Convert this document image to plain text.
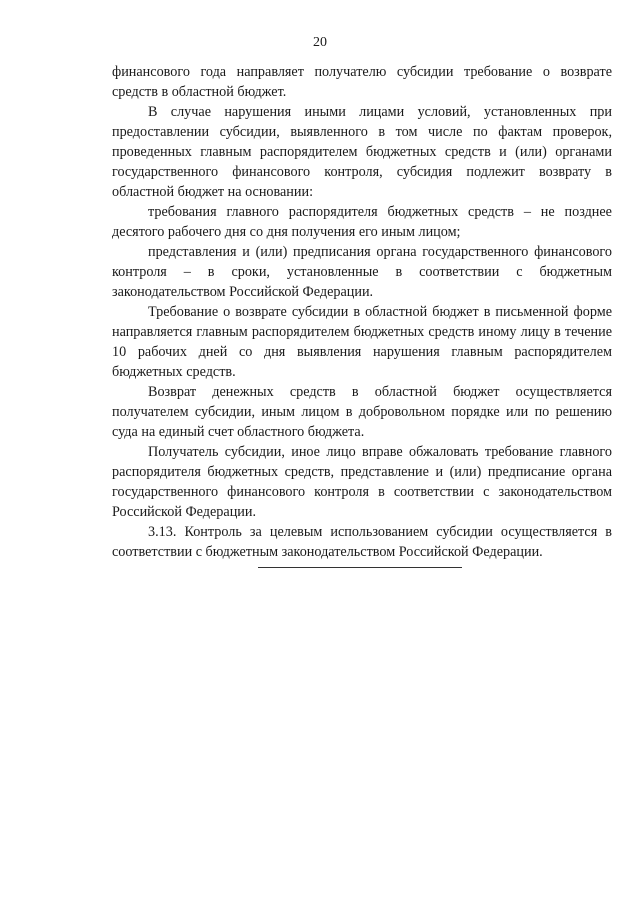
20

финансового года направляет получателю субсидии требование о возврате средств в областной бюджет.

В случае нарушения иными лицами условий, установленных при предоставлении субсидии, выявленного в том числе по фактам проверок, проведенных главным распорядителем бюджетных средств и (или) органами государственного финансового контроля, субсидия подлежит возврату в областной бюджет на основании:

требования главного распорядителя бюджетных средств – не позднее десятого рабочего дня со дня получения его иным лицом;

представления и (или) предписания органа государственного финансового контроля – в сроки, установленные в соответствии с бюджетным законодательством Российской Федерации.

Требование о возврате субсидии в областной бюджет в письменной форме направляется главным распорядителем бюджетных средств иному лицу в течение 10 рабочих дней со дня выявления нарушения главным распорядителем бюджетных средств.

Возврат денежных средств в областной бюджет осуществляется получателем субсидии, иным лицом в добровольном порядке или по решению суда на единый счет областного бюджета.

Получатель субсидии, иное лицо вправе обжаловать требование главного распорядителя бюджетных средств, представление и (или) предписание органа государственного финансового контроля в соответствии с законодательством Российской Федерации.

3.13. Контроль за целевым использованием субсидии осуществляется в соответствии с бюджетным законодательством Российской Федерации.
